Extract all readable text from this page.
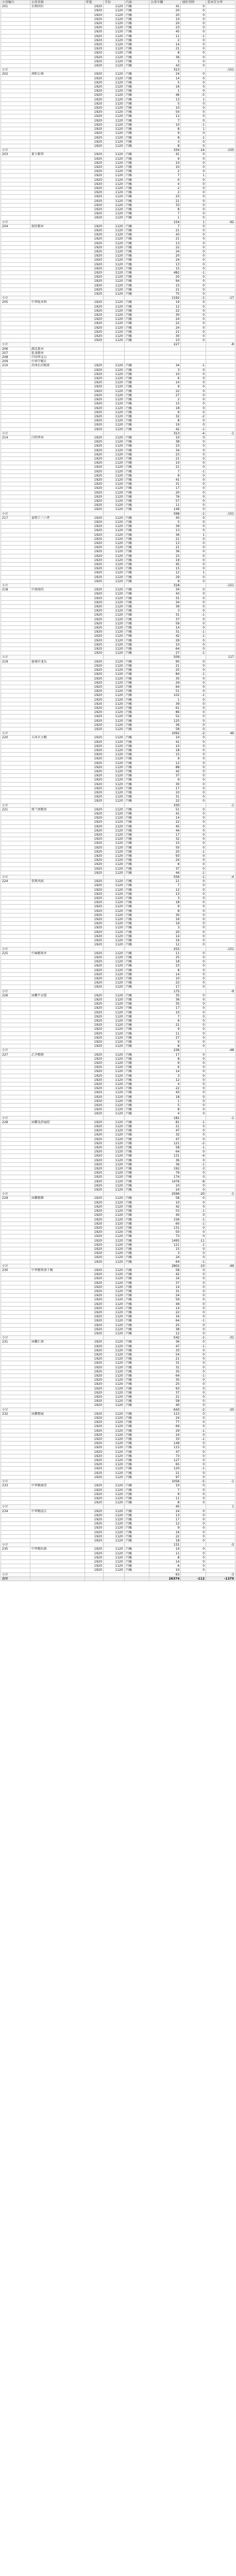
公营编号	公营名称	年度	月份	汽油	公举车辆	加价里程	差异百分率
201	长和国有	1920	1120	汽橘	41	0	
		1920	1120	汽橘	20	0	
		1920	1120	汽橘	20	0	
		1920	1120	汽橘	10	0	
		1920	1120	汽橘	20	0	
		1920	1120	汽橘	23	0	
		1920	1120	汽橘	45	0	
		1920	1120	汽橘	11	-1	
		1920	1120	汽橘	2	0	
		1920	1120	汽橘	14	0	
		1920	1120	汽橘	21	0	
		1920	1120	汽橘	8	0	
		1920	1120	汽橘	36	0	
		1920	1120	汽橘	3	0	
		1920	1120	汽橘	43	0	
小计					313		-151
202	南阳公堆	1920	1120	汽橘	24	0	
		1920	1120	汽橘	14	0	
		1920	1120	汽橘	5	0	
		1920	1120	汽橘	16	0	
		1920	1120	汽橘	1	0	
		1920	1120	汽橘	46	-5	
		1920	1120	汽橘	13	1	
		1920	1120	汽橘	5	0	
		1920	1120	汽橘	10	0	
		1920	1120	汽橘	54	0	
		1920	1120	汽橘	12	0	
		1920	1120	汽橘	7	0	
		1920	1120	汽橘	10	-1	
		1920	1120	汽橘	8	1	
		1920	1120	汽橘	9	0	
		1920	1120	汽橘	8	-1	
		1920	1120	汽橘	3	0	
		1920	1120	汽橘	8	0	
小计					334	-14	-155
203	董卡精事	1920	1120	汽橘	41	0	
		1920	1120	汽橘	9	0	
		1920	1120	汽橘	10	0	
		1920	1120	汽橘	10	0	
		1920	1120	汽橘	2	0	
		1920	1120	汽橘	7	1	
		1920	1120	汽橘	0	0	
		1920	1120	汽橘	4	0	
		1920	1120	汽橘	2	0	
		1920	1120	汽橘	2	0	
		1920	1120	汽橘	23	0	
		1920	1120	汽橘	21	0	
		1920	1120	汽橘	33	0	
		1920	1120	汽橘	8	0	
		1920	1120	汽橘	7	0	
		1920	1120	汽橘	1	0	
小计					154	1	-92
204	瑞安精承	1920	1120	汽橘	7	0	
		1920	1120	汽橘	21	0	
		1920	1120	汽橘	43	0	
		1920	1120	汽橘	21	0	
		1920	1120	汽橘	13	0	
		1920	1120	汽橘	22	0	
		1920	1120	汽橘	24	0	
		1920	1120	汽橘	20	0	
		1920	1120	汽橘	24	0	
		1920	1120	汽橘	13	0	
		1920	1120	汽橘	15	0	
		1920	1120	汽橘	482	-1	
		1920	1120	汽橘	20	0	
		1920	1120	汽橘	94	0	
		1920	1120	汽橘	15	0	
		1920	1120	汽橘	21	0	
		1920	1120	汽橘	75	0	
小计					1192	-1	-17
205	中华航业科	1920	1120	汽橘	19	0	
		1920	1120	汽橘	12	0	
		1920	1120	汽橘	22	0	
		1920	1120	汽橘	30	0	
		1920	1120	汽橘	24	0	
		1920	1120	汽橘	22	0	
		1920	1120	汽橘	24	0	
		1920	1120	汽橘	21	0	
		1920	1120	汽橘	30	0	
		1920	1120	汽橘	23	0	
小计					227		-8
206	湖北新承						
207	延龙精承						
208	中国华北公						
209	中华学精正						
210	苏州长田联系	1920	1120	汽橘	34	-1	
		1920	1120	汽橘	3	0	
		1920	1120	汽橘	10	0	
		1920	1120	汽橘	6	0	
		1920	1120	汽橘	14	0	
		1920	1120	汽橘	9	0	
		1920	1120	汽橘	22	0	
		1920	1120	汽橘	27	0	
		1920	1120	汽橘	2	0	
		1920	1120	汽橘	15	0	
		1920	1120	汽橘	18	0	
		1920	1120	汽橘	9	0	
		1920	1120	汽橘	32	-2	
		1920	1120	汽橘	8	0	
		1920	1120	汽橘	19	0	
		1920	1120	汽橘	42	-1	
小计					313	-4	-1
214	江阴华承	1920	1120	汽橘	10	0	
		1920	1120	汽橘	38	0	
		1920	1120	汽橘	23	0	
		1920	1120	汽橘	34	0	
		1920	1120	汽橘	23	0	
		1920	1120	汽橘	21	0	
		1920	1120	汽橘	10	0	
		1920	1120	汽橘	21	0	
		1920	1120	汽橘	7	-1	
		1920	1120	汽橘	9	0	
		1920	1120	汽橘	41	0	
		1920	1120	汽橘	31	0	
		1920	1120	汽橘	17	0	
		1920	1120	汽橘	20	0	
		1920	1120	汽橘	76	0	
		1920	1120	汽橘	57	0	
		1920	1120	汽橘	11	0	
		1920	1120	汽橘	149	0	
小计					598	-1	-151
217	泰和工三六件	1920	1120	汽橘	45	0	
		1920	1120	汽橘	5	0	
		1920	1120	汽橘	39	0	
		1920	1120	汽橘	13	0	
		1920	1120	汽橘	36	1	
		1920	1120	汽橘	21	0	
		1920	1120	汽橘	13	0	
		1920	1120	汽橘	21	0	
		1920	1120	汽橘	36	0	
		1920	1120	汽橘	15	0	
		1920	1120	汽橘	19	0	
		1920	1120	汽橘	45	0	
		1920	1120	汽橘	15	0	
		1920	1120	汽橘	12	1	
		1920	1120	汽橘	29	0	
		1920	1120	汽橘	9	0	
小计					318		-151
218	中南海的	1920	1120	汽橘	34	0	
		1920	1120	汽橘	43	0	
		1920	1120	汽橘	31	0	
		1920	1120	汽橘	34	0	
		1920	1120	汽橘	39	0	
		1920	1120	汽橘	3	0	
		1920	1120	汽橘	31	-1	
		1920	1120	汽橘	37	0	
		1920	1120	汽橘	59	0	
		1920	1120	汽橘	14	0	
		1920	1120	汽橘	31	-1	
		1920	1120	汽橘	42	-1	
		1920	1120	汽橘	29	0	
		1920	1120	汽橘	10	0	
		1920	1120	汽橘	64	0	
		1920	1120	汽橘	27	-1	
小计					509		117
219	盐城市龙乐	1920	1120	汽橘	95	0	
		1920	1120	汽橘	21	0	
		1920	1120	汽橘	25	0	
		1920	1120	汽橘	84	-1	
		1920	1120	汽橘	35	0	
		1920	1120	汽橘	29	0	
		1920	1120	汽橘	64	0	
		1920	1120	汽橘	51	0	
		1920	1120	汽橘	102	-1	
		1920	1120	汽橘	1	0	
		1920	1120	汽橘	39	0	
		1920	1120	汽橘	61	0	
		1920	1120	汽橘	86	0	
		1920	1120	汽橘	52	0	
		1920	1120	汽橘	125	0	
		1920	1120	汽橘	36	0	
		1920	1120	汽橘	58	0	
小计					1092	-2	46
220	五河火力精	1920	1120	汽橘	10	0	
		1920	1120	汽橘	41	0	
		1920	1120	汽橘	10	0	
		1920	1120	汽橘	18	0	
		1920	1120	汽橘	15	0	
		1920	1120	汽橘	9	0	
		1920	1120	汽橘	12	0	
		1920	1120	汽橘	88	0	
		1920	1120	汽橘	42	0	
		1920	1120	汽橘	37	0	
		1920	1120	汽橘	9	0	
		1920	1120	汽橘	30	0	
		1920	1120	汽橘	17	0	
		1920	1120	汽橘	10	0	
		1920	1120	汽橘	31	0	
		1920	1120	汽橘	22	0	
小计					330		-1
221	保兰南精重	1920	1120	汽橘	51	0	
		1920	1120	汽橘	41	0	
		1920	1120	汽橘	14	0	
		1920	1120	汽橘	22	0	
		1920	1120	汽橘	45	0	
		1920	1120	汽橘	44	0	
		1920	1120	汽橘	17	0	
		1920	1120	汽橘	32	0	
		1920	1120	汽橘	15	0	
		1920	1120	汽橘	50	0	
		1920	1120	汽橘	25	-1	
		1920	1120	汽橘	93	0	
		1920	1120	汽橘	24	0	
		1920	1120	汽橘	8	0	
		1920	1120	汽橘	37	0	
		1920	1120	汽橘	44	-1	
小计					556	-1	-4
224	常熟风病	1920	1120	汽橘	21	0	
		1920	1120	汽橘	7	0	
		1920	1120	汽橘	12	0	
		1920	1120	汽橘	13	0	
		1920	1120	汽橘	3	0	
		1920	1120	汽橘	18	0	
		1920	1120	汽橘	9	0	
		1920	1120	汽橘	8	0	
		1920	1120	汽橘	30	0	
		1920	1120	汽橘	16	0	
		1920	1120	汽橘	19	0	
		1920	1120	汽橘	3	0	
		1920	1120	汽橘	20	0	
		1920	1120	汽橘	14	0	
		1920	1120	汽橘	16	0	
		1920	1120	汽橘	12	0	
小计					255		-151
225	中麻精果乡	1920	1120	汽橘	11	0	
		1920	1120	汽橘	25	0	
		1920	1120	汽橘	18	0	
		1920	1120	汽橘	23	0	
		1920	1120	汽橘	8	0	
		1920	1120	汽橘	14	0	
		1920	1120	汽橘	10	0	
		1920	1120	汽橘	22	0	
		1920	1120	汽橘	17	0	
小计					175		-9
226	屏霸平录霍	1920	1120	汽橘	35	0	
		1920	1120	汽橘	36	0	
		1920	1120	汽橘	35	0	
		1920	1120	汽橘	17	0	
		1920	1120	汽橘	10	0	
		1920	1120	汽橘	7	0	
		1920	1120	汽橘	9	0	
		1920	1120	汽橘	21	0	
		1920	1120	汽橘	9	0	
		1920	1120	汽橘	11	0	
		1920	1120	汽橘	27	0	
		1920	1120	汽橘	9	0	
		1920	1120	汽橘	8	0	
小计					236		-48
227	乙齐精箱	1920	1120	汽橘	17	0	
		1920	1120	汽橘	8	0	
		1920	1120	汽橘	9	0	
		1920	1120	汽橘	6	0	
		1920	1120	汽橘	14	0	
		1920	1120	汽橘	3	0	
		1920	1120	汽橘	12	0	
		1920	1120	汽橘	4	0	
		1920	1120	汽橘	22	0	
		1920	1120	汽橘	43	0	
		1920	1120	汽橘	18	0	
		1920	1120	汽橘	1	0	
		1920	1120	汽橘	5	0	
		1920	1120	汽橘	8	0	
		1920	1120	汽橘	4	0	
小计					181		-1
228	屏霸及滨展经	1920	1120	汽橘	81	-1	
		1920	1120	汽橘	21	0	
		1920	1120	汽橘	47	0	
		1920	1120	汽橘	32	0	
		1920	1120	汽橘	47	0	
		1920	1120	汽橘	121	-2	
		1920	1120	汽橘	58	-1	
		1920	1120	汽橘	64	0	
		1920	1120	汽橘	131	-4	
		1920	1120	汽橘	36	0	
		1920	1120	汽橘	36	-1	
		1920	1120	汽橘	192	-3	
		1920	1120	汽橘	79	0	
		1920	1120	汽橘	174	0	
		1920	1120	汽橘	1476	-8	
		1920	1120	汽橘	10	0	
		1920	1120	汽橘	24	0	
小计					2596	-20	-1
229	屏霸精稀	1920	1120	汽橘	58	0	
		1920	1120	汽橘	10	0	
		1920	1120	汽橘	42	0	
		1920	1120	汽橘	53	-1	
		1920	1120	汽橘	40	0	
		1920	1120	汽橘	156	-1	
		1920	1120	汽橘	60	-1	
		1920	1120	汽橘	131	0	
		1920	1120	汽橘	50	0	
		1920	1120	汽橘	73	0	
		1920	1120	汽橘	1495	-11	
		1920	1120	汽橘	121	-1	
		1920	1120	汽橘	15	0	
		1920	1120	汽橘	3	0	
		1920	1120	汽橘	24	0	
		1920	1120	汽橘	64	-1	
小计					2802	-10	-49
230	中华精帮南下鞍	1920	1120	汽橘	58	0	
		1920	1120	汽橘	42	0	
		1920	1120	汽橘	16	0	
		1920	1120	汽橘	37	0	
		1920	1120	汽橘	14	0	
		1920	1120	汽橘	31	0	
		1920	1120	汽橘	24	0	
		1920	1120	汽橘	59	0	
		1920	1120	汽橘	49	0	
		1920	1120	汽橘	14	0	
		1920	1120	汽橘	22	0	
		1920	1120	汽橘	34	0	
		1920	1120	汽橘	64	-1	
		1920	1120	汽橘	25	0	
		1920	1120	汽橘	38	0	
		1920	1120	汽橘	12	0	
小计					542	-1	-31
231	屏霸汇南	1920	1120	汽橘	36	0	
		1920	1120	汽橘	47	-1	
		1920	1120	汽橘	33	0	
		1920	1120	汽橘	54	0	
		1920	1120	汽橘	21	0	
		1920	1120	汽橘	31	0	
		1920	1120	汽橘	31	0	
		1920	1120	汽橘	35	0	
		1920	1120	汽橘	64	-1	
		1920	1120	汽橘	35	0	
		1920	1120	汽橘	25	0	
		1920	1120	汽橘	93	0	
		1920	1120	汽橘	37	0	
		1920	1120	汽橘	21	0	
		1920	1120	汽橘	58	0	
		1920	1120	汽橘	40	0	
小计					643	-2	-20
232	屏霸精展	1920	1120	汽橘	115	0	
		1920	1120	汽橘	24	0	
		1920	1120	汽橘	77	0	
		1920	1120	汽橘	69	0	
		1920	1120	汽橘	29	-1	
		1920	1120	汽橘	24	0	
		1920	1120	汽橘	33	-1	
		1920	1120	汽橘	149	0	
		1920	1120	汽橘	115	0	
		1920	1120	汽橘	47	0	
		1920	1120	汽橘	73	0	
		1920	1120	汽橘	127	0	
		1920	1120	汽橘	65	0	
		1920	1120	汽橘	120	-1	
		1920	1120	汽橘	21	0	
		1920	1120	汽橘	97	0	
小计					1056	-5	-1
233	中华精离至	1920	1120	汽橘	10	0	
		1920	1120	汽橘	7	0	
		1920	1120	汽橘	9	0	
		1920	1120	汽橘	11	0	
		1920	1120	汽橘	8	0	
小计					45		1
234	中华精武江	1920	1120	汽橘	24	0	
		1920	1120	汽橘	13	0	
		1920	1120	汽橘	17	0	
		1920	1120	汽橘	12	0	
		1920	1120	汽橘	9	0	
		1920	1120	汽橘	16	0	
		1920	1120	汽橘	22	0	
		1920	1120	汽橘	18	0	
小计					131		-3
235	中华精拉新	1920	1120	汽橘	14	0	
		1920	1120	汽橘	11	0	
		1920	1120	汽橘	8	0	
		1920	1120	汽橘	14	0	
		1920	1120	汽橘	6	0	
		1920	1120	汽橘	10	0	
小计					63		-3
合计					26374	-112	-1379
